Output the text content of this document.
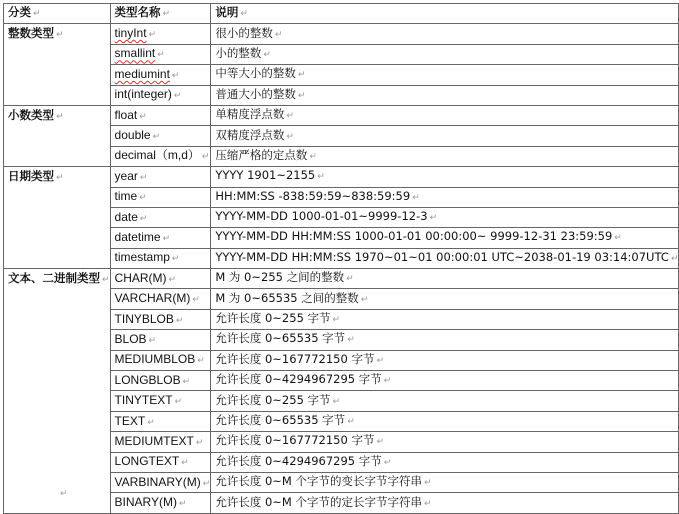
分类 ↵	类型名称 ↵	说明 ↵
整数类型 ↵	tinyInt ↵	很小的整数 ↵
	smallint ↵	小的整数 ↵
	mediumint ↵	中等大小的整数 ↵
	int(integer) ↵	普通大小的整数 ↵
小数类型 ↵	float ↵	单精度浮点数 ↵
	double ↵	双精度浮点数 ↵
	decimal（m,d） ↵	压缩严格的定点数 ↵
日期类型 ↵	year ↵	YYYY 1901~2155 ↵
	time ↵	HH:MM:SS -838:59:59~838:59:59 ↵
	date ↵	YYYY-MM-DD 1000-01-01~9999-12-3 ↵
	datetime ↵	YYYY-MM-DD HH:MM:SS 1000-01-01 00:00:00~ 9999-12-31 23:59:59 ↵
	timestamp ↵	YYYY-MM-DD HH:MM:SS 1970~01~01 00:00:01 UTC~2038-01-19 03:14:07UTC ↵
文本、二进制类型 ↵	CHAR(M) ↵	M 为 0~255 之间的整数 ↵
	VARCHAR(M) ↵	M 为 0~65535 之间的整数 ↵
	TINYBLOB ↵	允许长度 0~255 字节 ↵
	BLOB ↵	允许长度 0~65535 字节 ↵
	MEDIUMBLOB ↵	允许长度 0~167772150 字节 ↵
	LONGBLOB ↵	允许长度 0~4294967295 字节 ↵
	TINYTEXT ↵	允许长度 0~255 字节 ↵
	TEXT ↵	允许长度 0~65535 字节 ↵
	MEDIUMTEXT ↵	允许长度 0~167772150 字节 ↵
	LONGTEXT ↵	允许长度 0~4294967295 字节 ↵
	VARBINARY(M) ↵	允许长度 0~M 个字节的变长字节字符串 ↵
	BINARY(M) ↵	允许长度 0~M 个字节的定长字节字符串 ↵
↵
